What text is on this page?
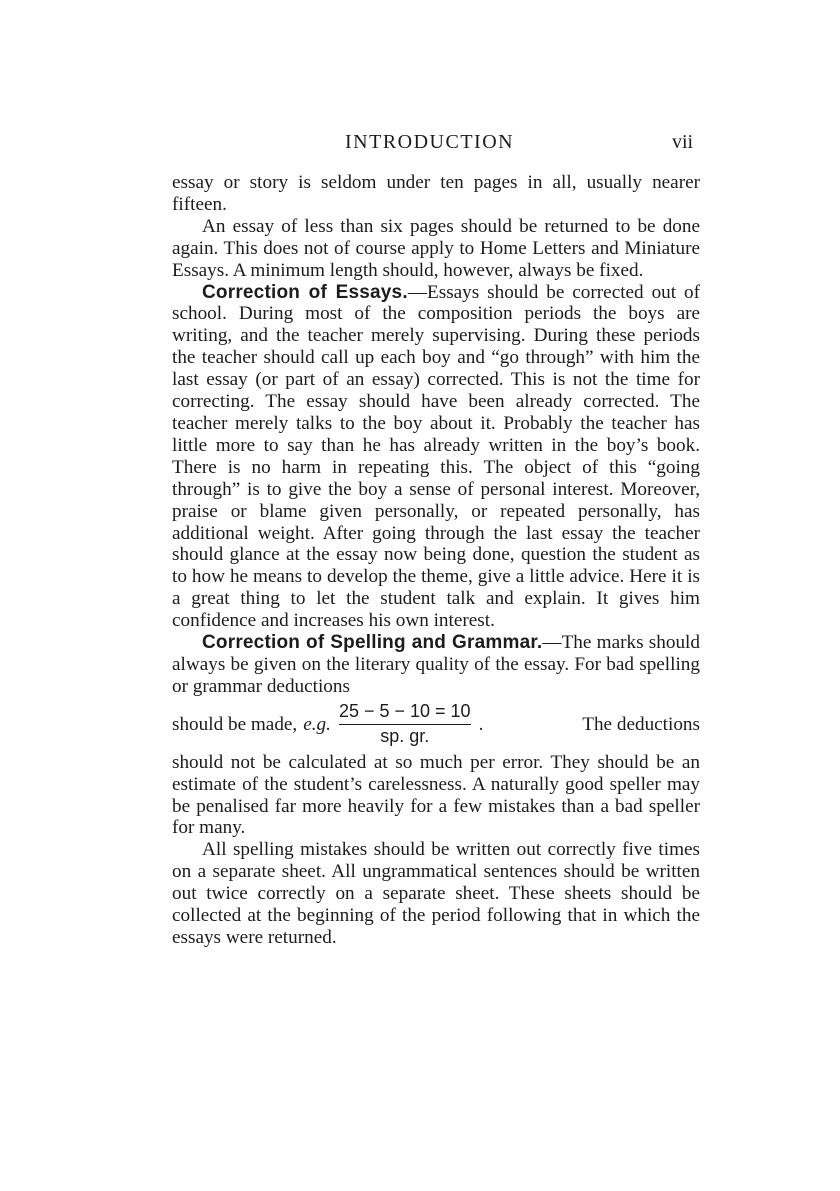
INTRODUCTION	vii

essay or story is seldom under ten pages in all, usually nearer fifteen.

An essay of less than six pages should be returned to be done again. This does not of course apply to Home Letters and Miniature Essays. A minimum length should, however, always be fixed.

Correction of Essays.—Essays should be corrected out of school. During most of the composition periods the boys are writing, and the teacher merely supervising. During these periods the teacher should call up each boy and “go through” with him the last essay (or part of an essay) corrected. This is not the time for correcting. The essay should have been already corrected. The teacher merely talks to the boy about it. Probably the teacher has little more to say than he has already written in the boy’s book. There is no harm in repeating this. The object of this “going through” is to give the boy a sense of personal interest. Moreover, praise or blame given personally, or repeated personally, has additional weight. After going through the last essay the teacher should glance at the essay now being done, question the student as to how he means to develop the theme, give a little advice. Here it is a great thing to let the student talk and explain. It gives him confidence and increases his own interest.

Correction of Spelling and Grammar.—The marks should always be given on the literary quality of the essay. For bad spelling or grammar deductions

should be made, e.g. $\frac{25 - 5 - 10 = 10}{sp. gr.}$ .	The deductions

should not be calculated at so much per error. They should be an estimate of the student’s carelessness. A naturally good speller may be penalised far more heavily for a few mistakes than a bad speller for many.

All spelling mistakes should be written out correctly five times on a separate sheet. All ungrammatical sentences should be written out twice correctly on a separate sheet. These sheets should be collected at the beginning of the period following that in which the essays were returned.
